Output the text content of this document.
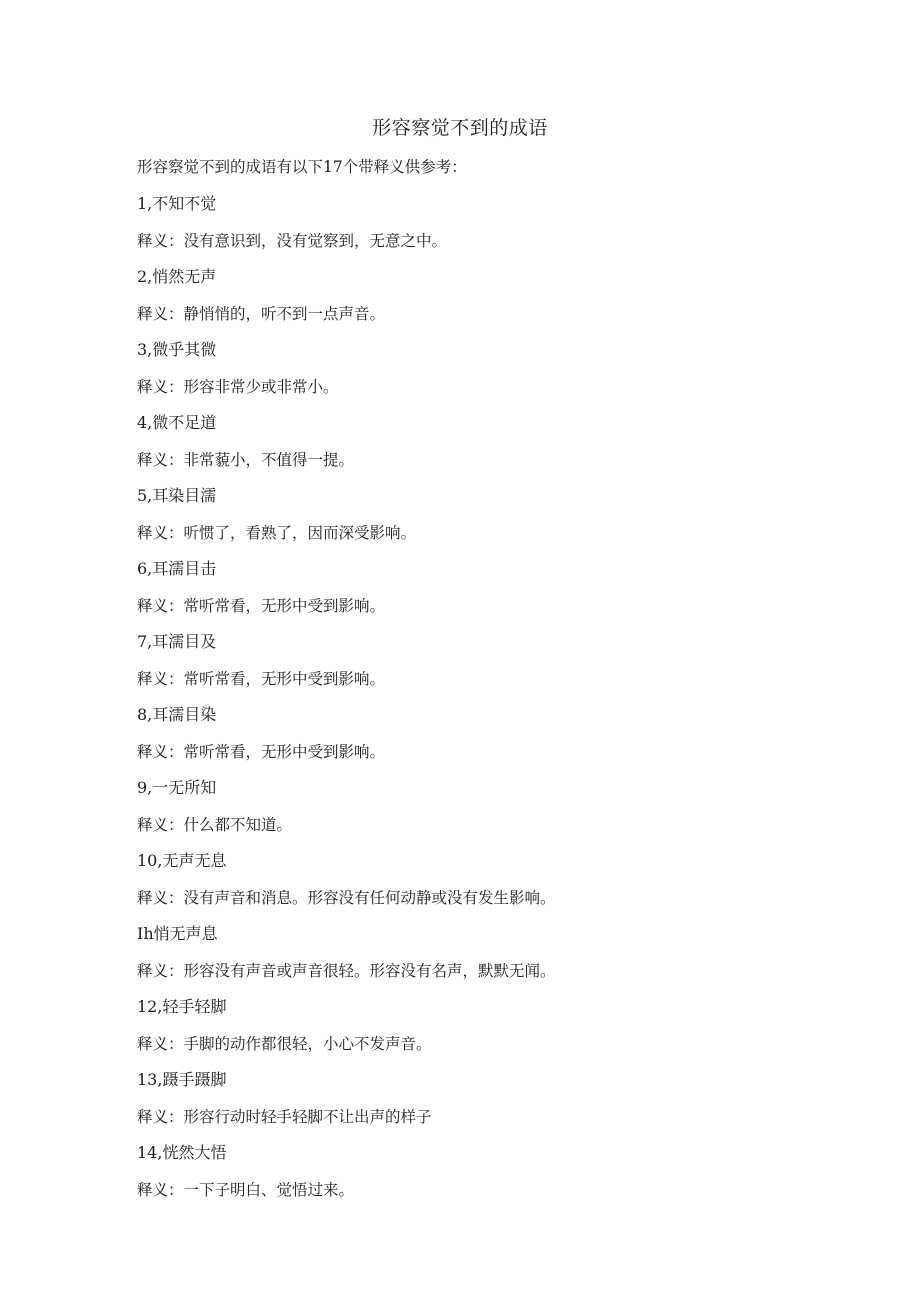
形容察觉不到的成语
形容察觉不到的成语有以下17个带释义供参考：
1,不知不觉
释义：没有意识到，没有觉察到，无意之中。
2,悄然无声
释义：静悄悄的，听不到一点声音。
3,微乎其微
释义：形容非常少或非常小。
4,微不足道
释义：非常藐小，不值得一提。
5,耳染目濡
释义：听惯了，看熟了，因而深受影响。
6,耳濡目击
释义：常听常看，无形中受到影响。
7,耳濡目及
释义：常听常看，无形中受到影响。
8,耳濡目染
释义：常听常看，无形中受到影响。
9,一无所知
释义：什么都不知道。
10,无声无息
释义：没有声音和消息。形容没有任何动静或没有发生影响。
Ih悄无声息
释义：形容没有声音或声音很轻。形容没有名声，默默无闻。
12,轻手轻脚
释义：手脚的动作都很轻，小心不发声音。
13,蹑手蹑脚
释义：形容行动时轻手轻脚不让出声的样子
14,恍然大悟
释义：一下子明白、觉悟过来。
